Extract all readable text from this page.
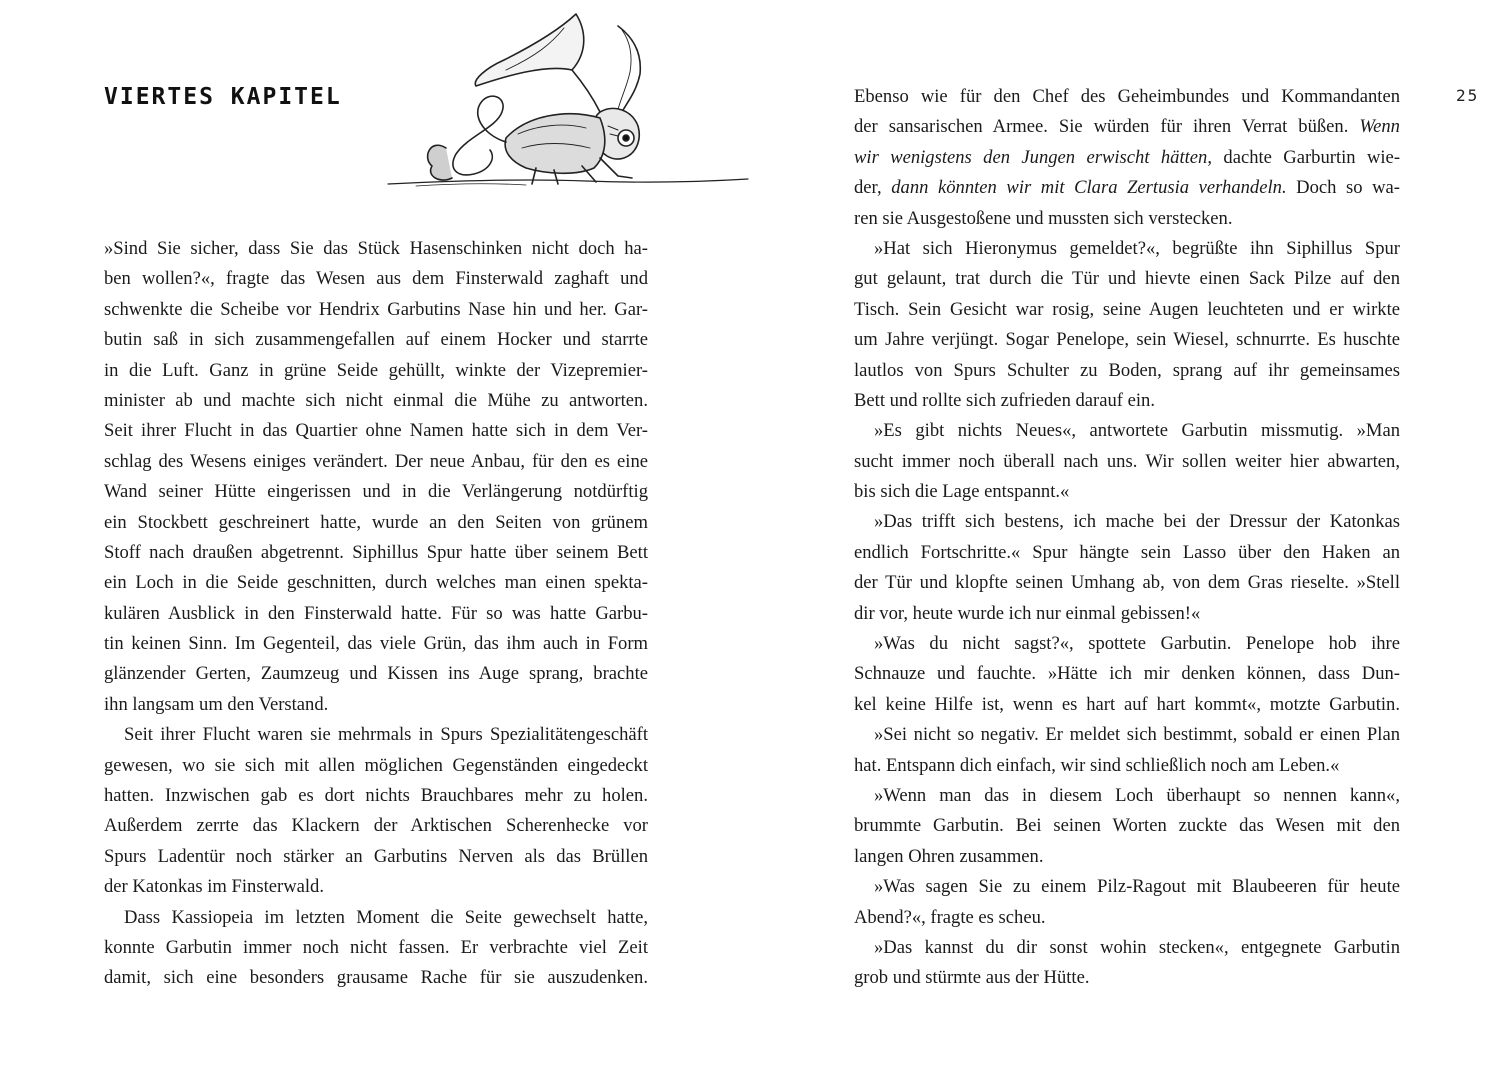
VIERTES KAPITEL
»Sind Sie sicher, dass Sie das Stück Hasenschinken nicht doch ha-
ben wollen?«, fragte das Wesen aus dem Finsterwald zaghaft und
schwenkte die Scheibe vor Hendrix Garbutins Nase hin und her. Gar-
butin saß in sich zusammengefallen auf einem Hocker und starrte
in die Luft. Ganz in grüne Seide gehüllt, winkte der Vizepremier-
minister ab und machte sich nicht einmal die Mühe zu antworten.
Seit ihrer Flucht in das Quartier ohne Namen hatte sich in dem Ver-
schlag des Wesens einiges verändert. Der neue Anbau, für den es eine
Wand seiner Hütte eingerissen und in die Verlängerung notdürftig
ein Stockbett geschreinert hatte, wurde an den Seiten von grünem
Stoff nach draußen abgetrennt. Siphillus Spur hatte über seinem Bett
ein Loch in die Seide geschnitten, durch welches man einen spekta-
kulären Ausblick in den Finsterwald hatte. Für so was hatte Garbu-
tin keinen Sinn. Im Gegenteil, das viele Grün, das ihm auch in Form
glänzender Gerten, Zaumzeug und Kissen ins Auge sprang, brachte
ihn langsam um den Verstand.
Seit ihrer Flucht waren sie mehrmals in Spurs Spezialitätengeschäft
gewesen, wo sie sich mit allen möglichen Gegenständen eingedeckt
hatten. Inzwischen gab es dort nichts Brauchbares mehr zu holen.
Außerdem zerrte das Klackern der Arktischen Scherenhecke vor
Spurs Ladentür noch stärker an Garbutins Nerven als das Brüllen
der Katonkas im Finsterwald.
Dass Kassiopeia im letzten Moment die Seite gewechselt hatte,
konnte Garbutin immer noch nicht fassen. Er verbrachte viel Zeit
damit, sich eine besonders grausame Rache für sie auszudenken.
25
Ebenso wie für den Chef des Geheimbundes und Kommandanten
der sansarischen Armee. Sie würden für ihren Verrat büßen. Wenn
wir wenigstens den Jungen erwischt hätten, dachte Garburtin wie-
der, dann könnten wir mit Clara Zertusia verhandeln. Doch so wa-
ren sie Ausgestoßene und mussten sich verstecken.
»Hat sich Hieronymus gemeldet?«, begrüßte ihn Siphillus Spur
gut gelaunt, trat durch die Tür und hievte einen Sack Pilze auf den
Tisch. Sein Gesicht war rosig, seine Augen leuchteten und er wirkte
um Jahre verjüngt. Sogar Penelope, sein Wiesel, schnurrte. Es huschte
lautlos von Spurs Schulter zu Boden, sprang auf ihr gemeinsames
Bett und rollte sich zufrieden darauf ein.
»Es gibt nichts Neues«, antwortete Garbutin missmutig. »Man
sucht immer noch überall nach uns. Wir sollen weiter hier abwarten,
bis sich die Lage entspannt.«
»Das trifft sich bestens, ich mache bei der Dressur der Katonkas
endlich Fortschritte.« Spur hängte sein Lasso über den Haken an
der Tür und klopfte seinen Umhang ab, von dem Gras rieselte. »Stell
dir vor, heute wurde ich nur einmal gebissen!«
»Was du nicht sagst?«, spottete Garbutin. Penelope hob ihre
Schnauze und fauchte. »Hätte ich mir denken können, dass Dun-
kel keine Hilfe ist, wenn es hart auf hart kommt«, motzte Garbutin.
»Sei nicht so negativ. Er meldet sich bestimmt, sobald er einen Plan
hat. Entspann dich einfach, wir sind schließlich noch am Leben.«
»Wenn man das in diesem Loch überhaupt so nennen kann«,
brummte Garbutin. Bei seinen Worten zuckte das Wesen mit den
langen Ohren zusammen.
»Was sagen Sie zu einem Pilz-Ragout mit Blaubeeren für heute
Abend?«, fragte es scheu.
»Das kannst du dir sonst wohin stecken«, entgegnete Garbutin
grob und stürmte aus der Hütte.
